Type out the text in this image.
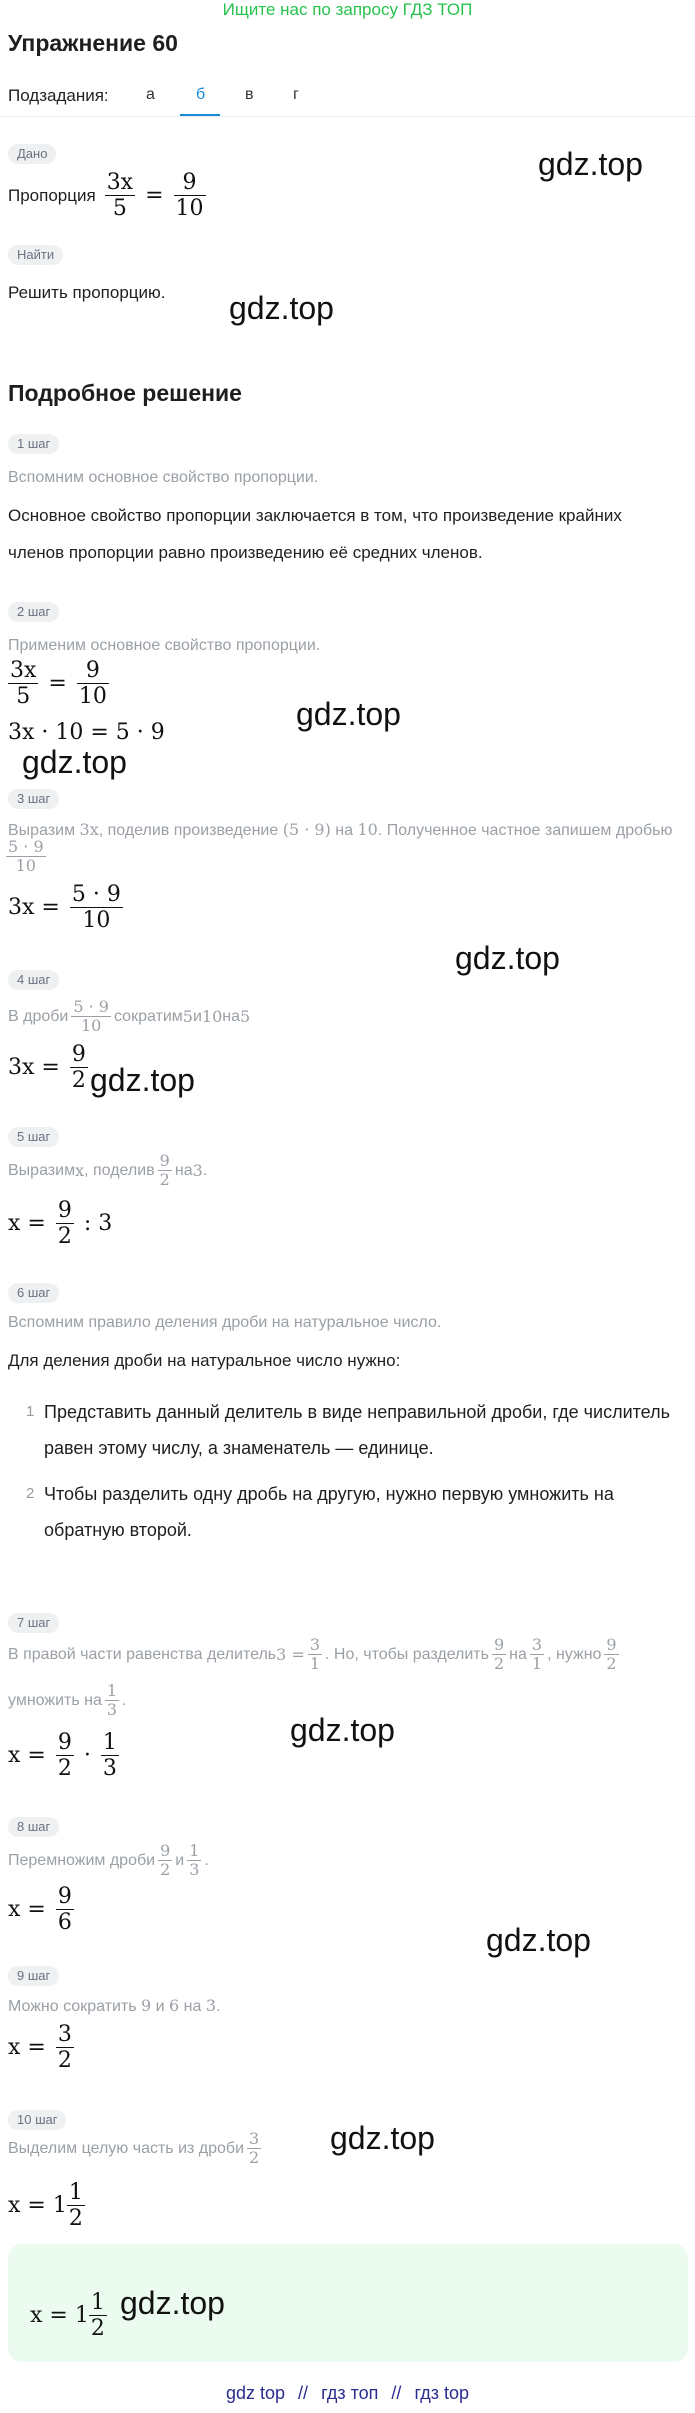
Ищите нас по запросу ГДЗ ТОП
Упражнение 60
Подзадания: а	б в г
Дано
Пропорция $\frac{3x}{5} = \frac{9}{10}$
gdz.top
Найти
Решить пропорцию. gdz.top
Подробное решение
1 шаг
Вспомним основное свойство пропорции.
Основное свойство пропорции заключается в том, что произведение крайних
членов пропорции равно произведению её средних членов.
2 шаг
Применим основное свойство пропорции.
$\frac{3x}{5} = \frac{9}{10}$
3x · 10 = 5 · 9
gdz.top
gdz.top
3 шаг
Выразим 3x, поделив произведение (5 · 9) на 10. Полученное частное запишем дробью
$\frac{5 \cdot 9}{10}$
$3x = \frac{5 \cdot 9}{10}$
gdz.top
4 шаг
В дроби $\frac{5 \cdot 9}{10}$ сократим 5 и 10 на 5
$3x = \frac{9}{2} gdz.top$
5 шаг
Выразим x , поделив $\frac{9}{2}$ на 3 .
$x = \frac{9}{2}$ : 3
6 шаг
Вспомним правило деления дроби на натуральное число.
Для деления дроби на натуральное число нужно:
1 Представить данный делитель в виде неправильной дроби, где числитель
равен этому числу, а знаменатель — единице.
2 Чтобы разделить одну дробь на другую, нужно первую умножить на
обратную второй.
7 шаг
В правой части равенства делитель $3 = \frac{3}{1}$ . Но, чтобы разделить $\frac{9}{2}$ на $\frac{3}{1}$ , нужно $\frac{9}{2}$
умножить на $\frac{1}{3}$ .
$x = \frac{9}{2} \cdot \frac{1}{3}$	gdz.top
8 шаг
Перемножим дроби $\frac{9}{2}$ и $\frac{1}{3}$ .
$x = \frac{9}{6}$
gdz.top
9 шаг
Можно сократить 9 и 6 на 3.
$x = \frac{3}{2}$
10 шаг
Выделим целую часть из дроби $\frac{3}{2} gdz.top$
$x = 1 \frac{1}{2}$
$x = 1 \frac{1}{2} gdz.top$
gdz top // гдз топ // гдз top
